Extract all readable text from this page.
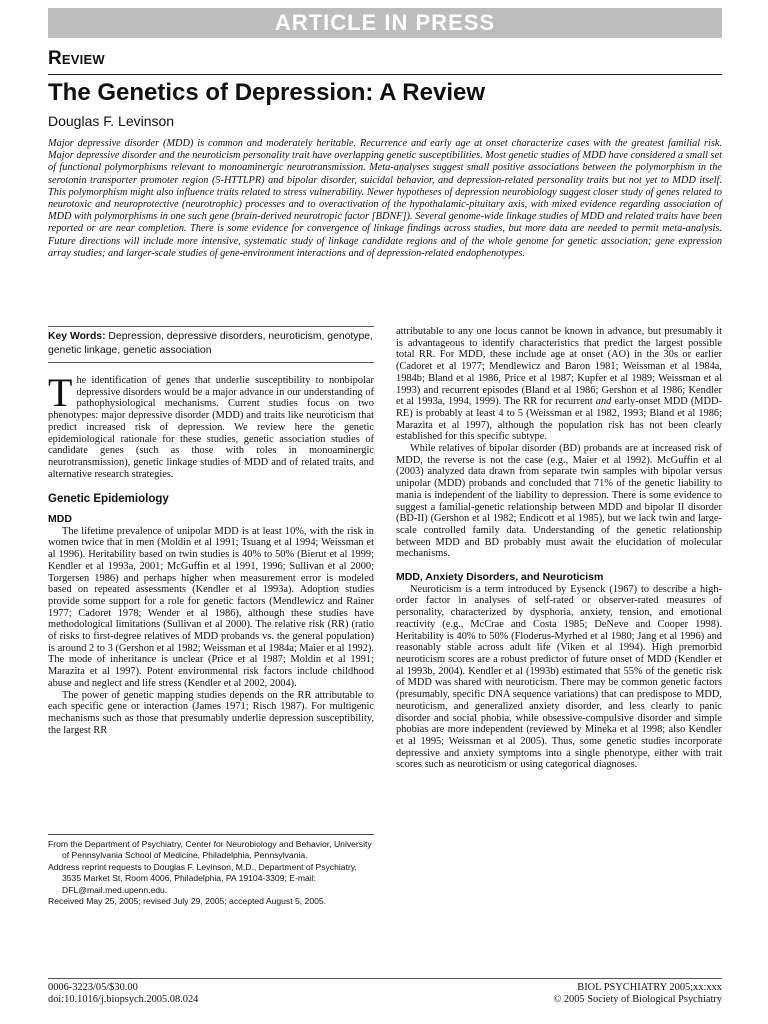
ARTICLE IN PRESS
Review
The Genetics of Depression: A Review
Douglas F. Levinson

Major depressive disorder (MDD) is common and moderately heritable. Recurrence and early age at onset characterize cases with the greatest familial risk. Major depressive disorder and the neuroticism personality trait have overlapping genetic susceptibilities. Most genetic studies of MDD have considered a small set of functional polymorphisms relevant to monoaminergic neurotransmission. Meta-analyses suggest small positive associations between the polymorphism in the serotonin transporter promoter region (5-HTTLPR) and bipolar disorder, suicidal behavior, and depression-related personality traits but not yet to MDD itself. This polymorphism might also influence traits related to stress vulnerability. Newer hypotheses of depression neurobiology suggest closer study of genes related to neurotoxic and neuroprotective (neurotrophic) processes and to overactivation of the hypothalamic-pituitary axis, with mixed evidence regarding association of MDD with polymorphisms in one such gene (brain-derived neurotropic factor [BDNF]). Several genome-wide linkage studies of MDD and related traits have been reported or are near completion. There is some evidence for convergence of linkage findings across studies, but more data are needed to permit meta-analysis. Future directions will include more intensive, systematic study of linkage candidate regions and of the whole genome for genetic association; gene expression array studies; and larger-scale studies of gene-environment interactions and of depression-related endophenotypes.

Key Words: Depression, depressive disorders, neuroticism, genotype, genetic linkage, genetic association

The identification of genes that underlie susceptibility to nonbipolar depressive disorders would be a major advance in our understanding of pathophysiological mechanisms. Current studies focus on two phenotypes: major depressive disorder (MDD) and traits like neuroticism that predict increased risk of depression. We review here the genetic epidemiological rationale for these studies, genetic association studies of candidate genes (such as those with roles in monoaminergic neurotransmission), genetic linkage studies of MDD and of related traits, and alternative research strategies.

Genetic Epidemiology
MDD

The lifetime prevalence of unipolar MDD is at least 10%, with the risk in women twice that in men (Moldin et al 1991; Tsuang et al 1994; Weissman et al 1996). Heritability based on twin studies is 40% to 50% (Bierut et al 1999; Kendler et al 1993a, 2001; McGuffin et al 1991, 1996; Sullivan et al 2000; Torgersen 1986) and perhaps higher when measurement error is modeled based on repeated assessments (Kendler et al 1993a). Adoption studies provide some support for a role for genetic factors (Mendlewicz and Rainer 1977; Cadoret 1978; Wender et al 1986), although these studies have methodological limitations (Sullivan et al 2000). The relative risk (RR) (ratio of risks to first-degree relatives of MDD probands vs. the general population) is around 2 to 3 (Gershon et al 1982; Weissman et al 1984a; Maier et al 1992). The mode of inheritance is unclear (Price et al 1987; Moldin et al 1991; Marazita et al 1997). Potent environmental risk factors include childhood abuse and neglect and life stress (Kendler et al 2002, 2004).

The power of genetic mapping studies depends on the RR attributable to each specific gene or interaction (James 1971; Risch 1987). For multigenic mechanisms such as those that presumably underlie depression susceptibility, the largest RR

From the Department of Psychiatry, Center for Neurobiology and Behavior, University of Pennsylvania School of Medicine, Philadelphia, Pennsylvania.

Address reprint requests to Douglas F. Levinson, M.D., Department of Psychiatry, 3535 Market St, Room 4006, Philadelphia, PA 19104-3309; E-mail: DFL@mail.med.upenn.edu.

Received May 25, 2005; revised July 29, 2005; accepted August 5, 2005.

attributable to any one locus cannot be known in advance, but presumably it is advantageous to identify characteristics that predict the largest possible total RR. For MDD, these include age at onset (AO) in the 30s or earlier (Cadoret et al 1977; Mendlewicz and Baron 1981; Weissman et al 1984a, 1984b; Bland et al 1986, Price et al 1987; Kupfer et al 1989; Weissman et al 1993) and recurrent episodes (Bland et al 1986; Gershon et al 1986; Kendler et al 1993a, 1994, 1999). The RR for recurrent and early-onset MDD (MDD-RE) is probably at least 4 to 5 (Weissman et al 1982, 1993; Bland et al 1986; Marazita et al 1997), although the population risk has not been clearly established for this specific subtype.

While relatives of bipolar disorder (BD) probands are at increased risk of MDD, the reverse is not the case (e.g., Maier et al 1992). McGuffin et al (2003) analyzed data drawn from separate twin samples with bipolar versus unipolar (MDD) probands and concluded that 71% of the genetic liability to mania is independent of the liability to depression. There is some evidence to suggest a familial-genetic relationship between MDD and bipolar II disorder (BD-II) (Gershon et al 1982; Endicott et al 1985), but we lack twin and large-scale controlled family data. Understanding of the genetic relationship between MDD and BD probably must await the elucidation of molecular mechanisms.

MDD, Anxiety Disorders, and Neuroticism

Neuroticism is a term introduced by Eysenck (1967) to describe a high-order factor in analyses of self-rated or observer-rated measures of personality, characterized by dysphoria, anxiety, tension, and emotional reactivity (e.g., McCrae and Costa 1985; DeNeve and Cooper 1998). Heritability is 40% to 50% (Floderus-Myrhed et al 1980; Jang et al 1996) and reasonably stable across adult life (Viken et al 1994). High premorbid neuroticism scores are a robust predictor of future onset of MDD (Kendler et al 1993b, 2004). Kendler et al (1993b) estimated that 55% of the genetic risk of MDD was shared with neuroticism. There may be common genetic factors (presumably, specific DNA sequence variations) that can predispose to MDD, neuroticism, and generalized anxiety disorder, and less clearly to panic disorder and social phobia, while obsessive-compulsive disorder and simple phobias are more independent (reviewed by Mineka et al 1998; also Kendler et al 1995; Weissman et al 2005). Thus, some genetic studies incorporate depressive and anxiety symptoms into a single phenotype, either with trait scores such as neuroticism or using categorical diagnoses.

0006-3223/05/$30.00
doi:10.1016/j.biopsych.2005.08.024
BIOL PSYCHIATRY 2005;xx:xxx
© 2005 Society of Biological Psychiatry
